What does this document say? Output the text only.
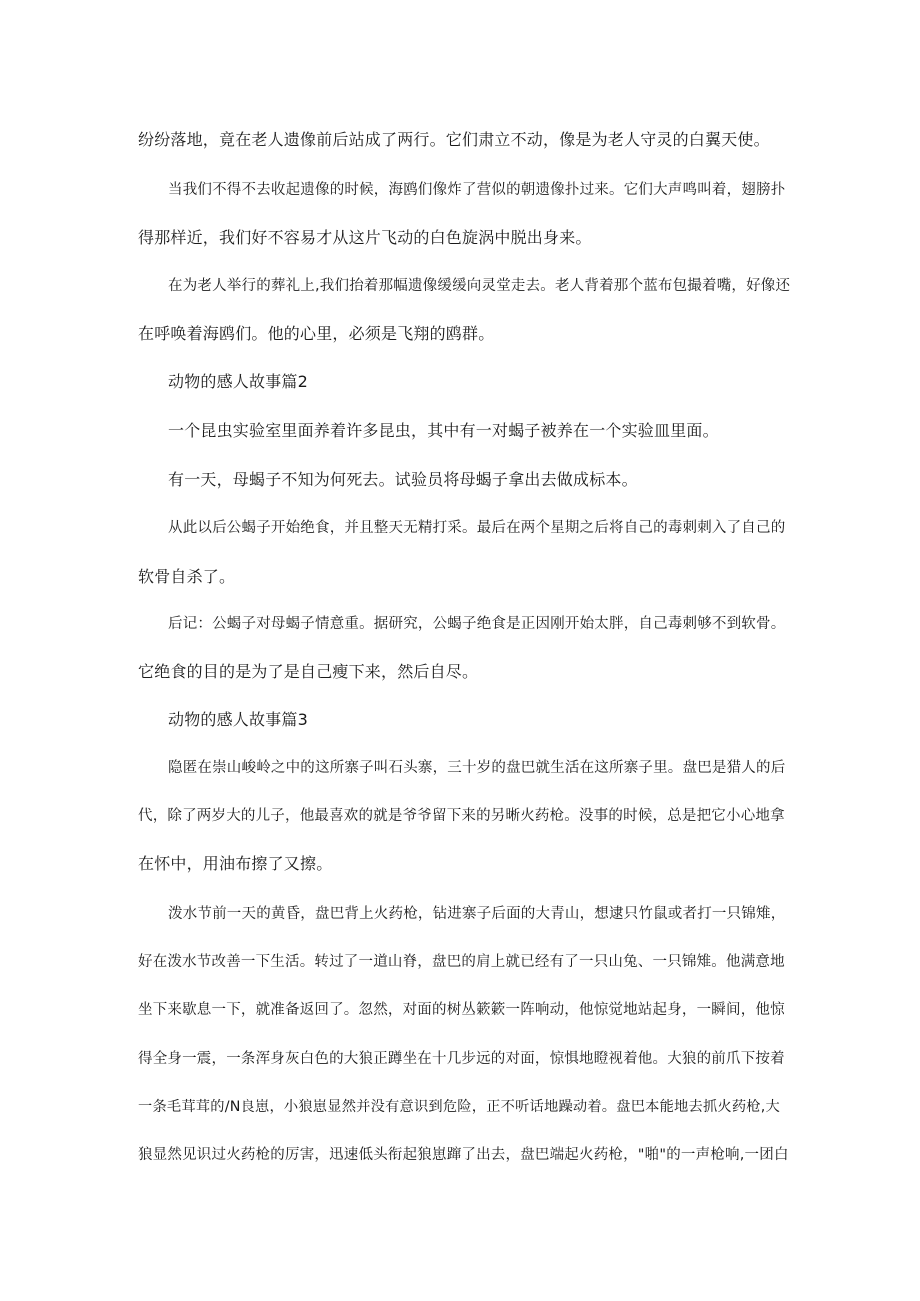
纷纷落地，竟在老人遗像前后站成了两行。它们肃立不动，像是为老人守灵的白翼天使。
当我们不得不去收起遗像的时候，海鸥们像炸了营似的朝遗像扑过来。它们大声鸣叫着，翅膀扑
得那样近，我们好不容易才从这片飞动的白色旋涡中脱出身来。
在为老人举行的葬礼上,我们抬着那幅遗像缓缓向灵堂走去。老人背着那个蓝布包撮着嘴，好像还
在呼唤着海鸥们。他的心里，必须是飞翔的鸥群。
动物的感人故事篇2
一个昆虫实验室里面养着许多昆虫，其中有一对蝎子被养在一个实验皿里面。
有一天，母蝎子不知为何死去。试验员将母蝎子拿出去做成标本。
从此以后公蝎子开始绝食，并且整天无精打采。最后在两个星期之后将自己的毒刺刺入了自己的
软骨自杀了。
后记：公蝎子对母蝎子情意重。据研究，公蝎子绝食是正因刚开始太胖，自己毒刺够不到软骨。
它绝食的目的是为了是自己瘦下来，然后自尽。
动物的感人故事篇3
隐匿在崇山峻岭之中的这所寨子叫石头寨，三十岁的盘巴就生活在这所寨子里。盘巴是猎人的后
代，除了两岁大的儿子，他最喜欢的就是爷爷留下来的另晰火药枪。没事的时候，总是把它小心地拿
在怀中，用油布擦了又擦。
泼水节前一天的黄昏，盘巴背上火药枪，钻进寨子后面的大青山，想逮只竹鼠或者打一只锦雉，
好在泼水节改善一下生活。转过了一道山脊，盘巴的肩上就已经有了一只山兔、一只锦雉。他满意地
坐下来歇息一下，就准备返回了。忽然，对面的树丛簌簌一阵响动，他惊觉地站起身，一瞬间，他惊
得全身一震，一条浑身灰白色的大狼正蹲坐在十几步远的对面，惊惧地瞪视着他。大狼的前爪下按着
一条毛茸茸的/N良崽，小狼崽显然并没有意识到危险，正不听话地躁动着。盘巴本能地去抓火药枪,大
狼显然见识过火药枪的厉害，迅速低头衔起狼崽蹿了出去，盘巴端起火药枪，"啪"的一声枪响,一团白
